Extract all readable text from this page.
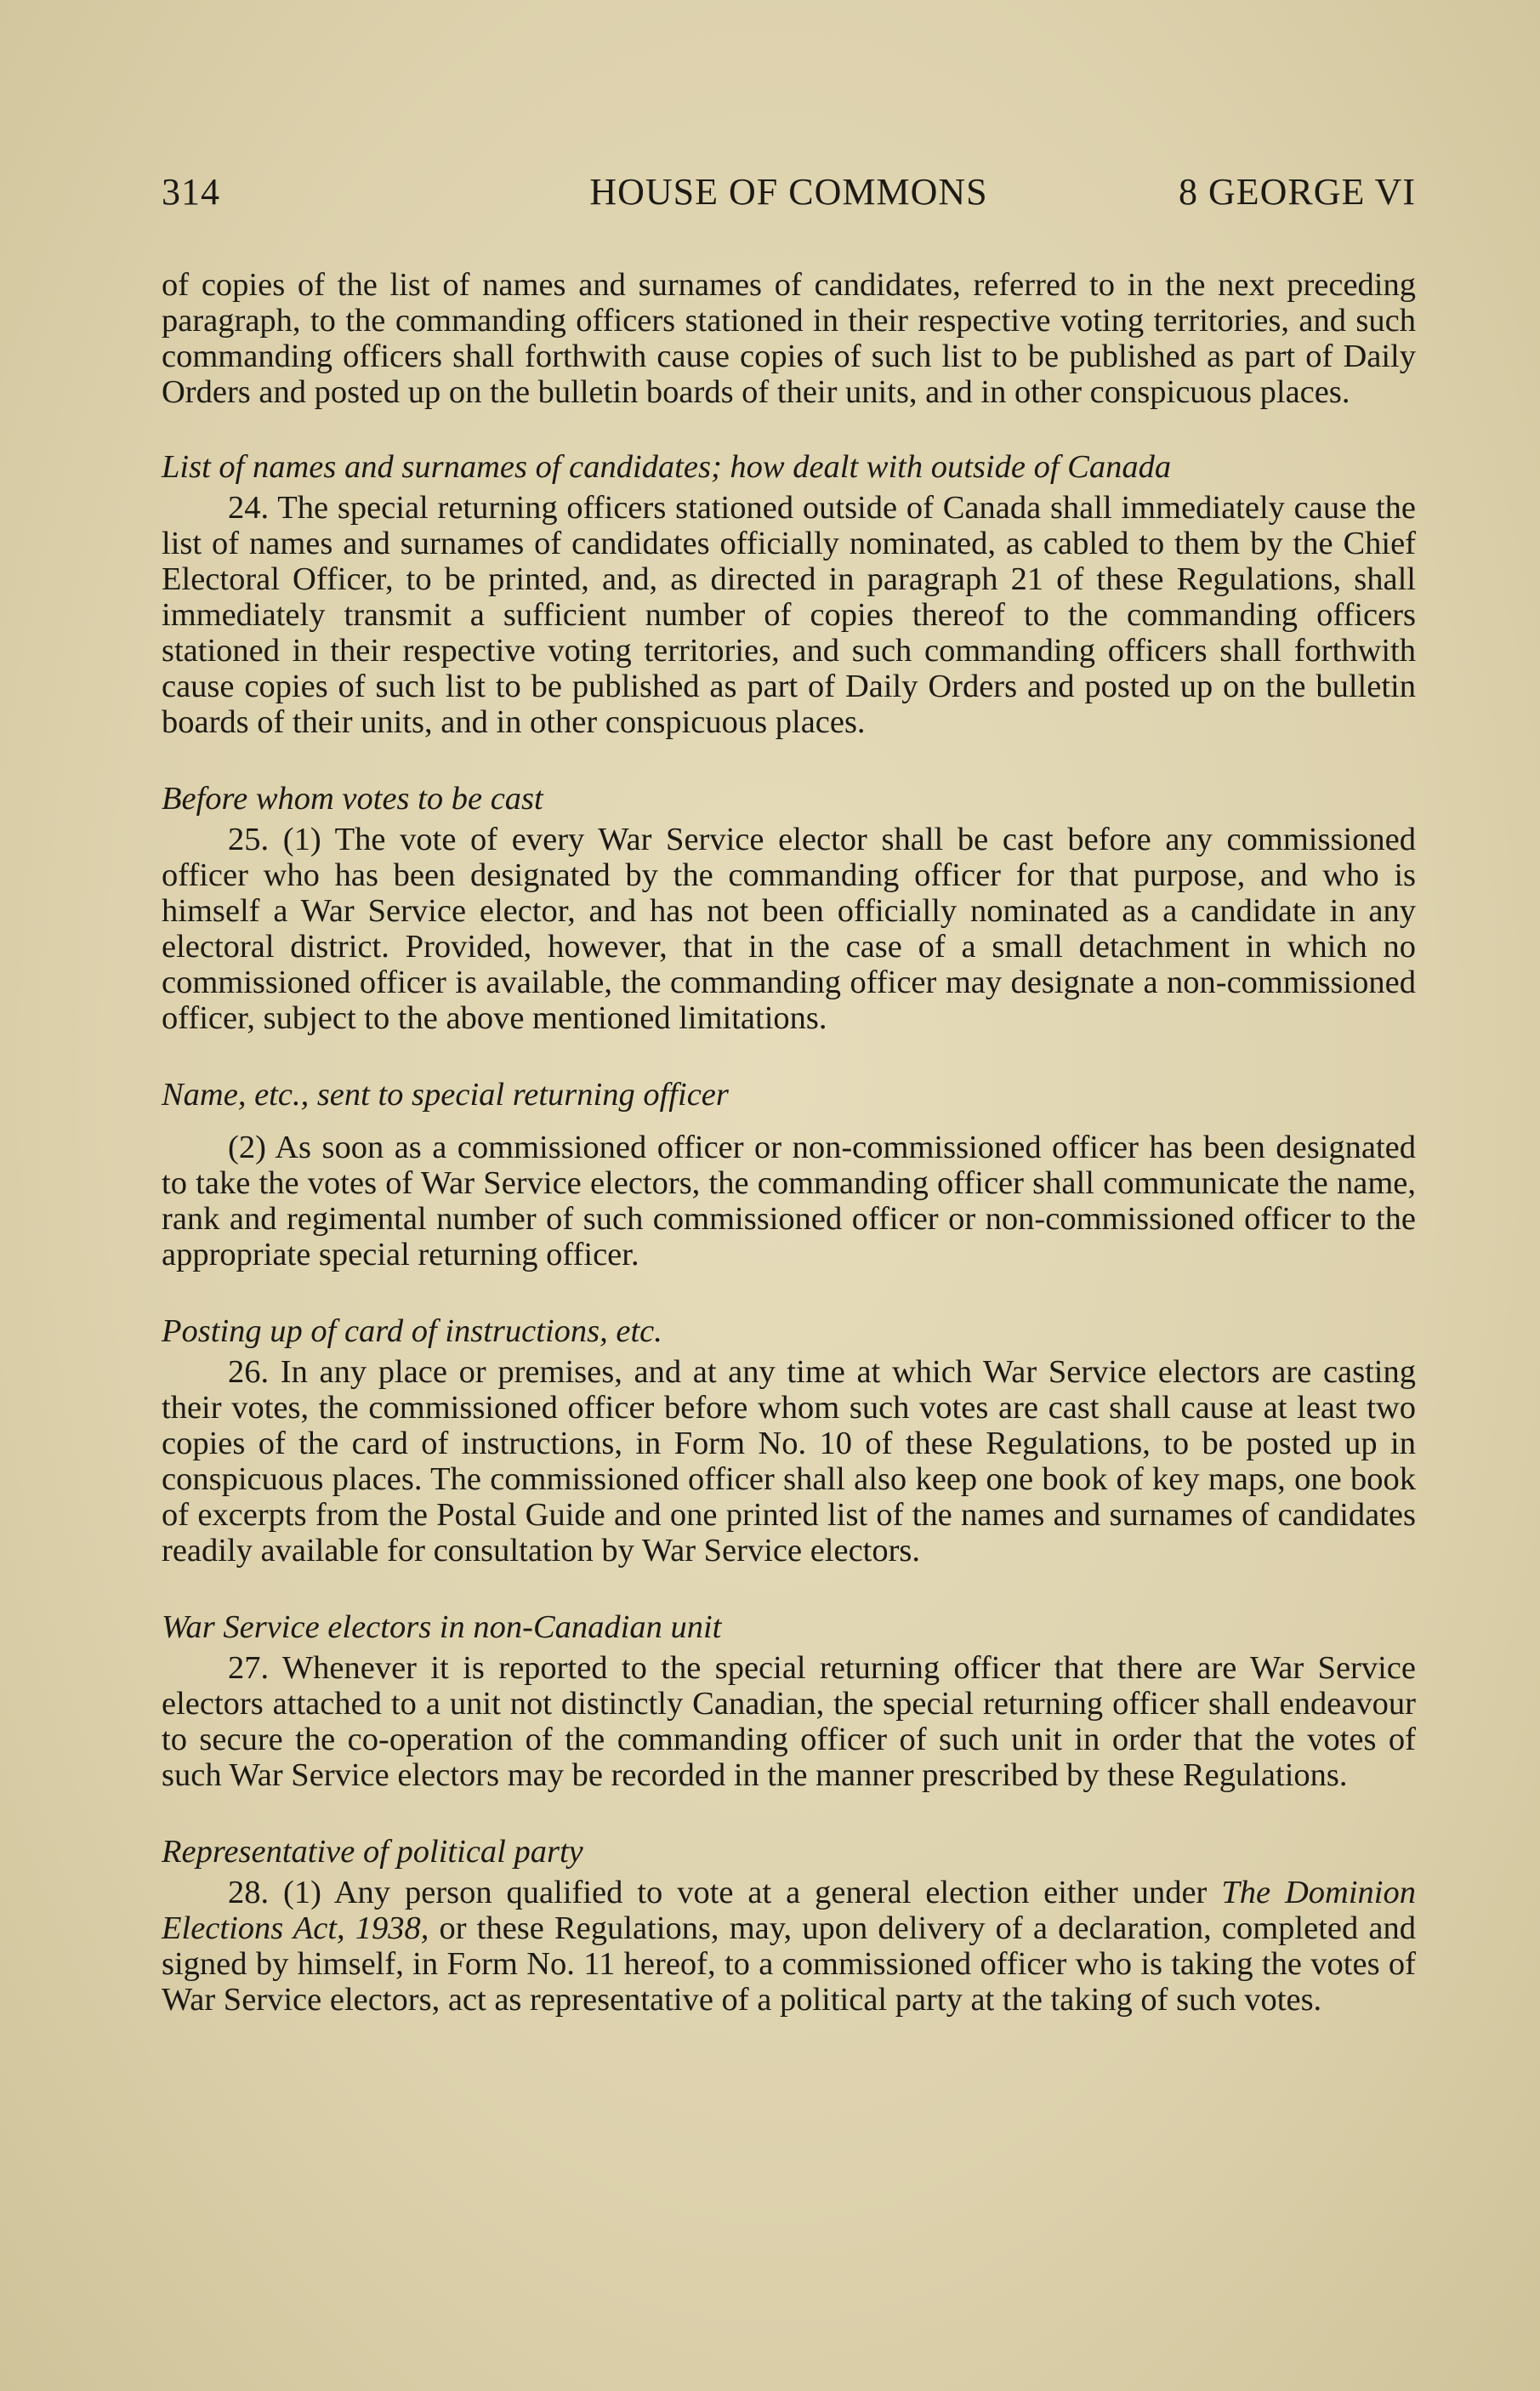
314	HOUSE OF COMMONS	8 GEORGE VI

of copies of the list of names and surnames of candidates, referred to in the next preceding paragraph, to the commanding officers stationed in their respective voting territories, and such commanding officers shall forthwith cause copies of such list to be published as part of Daily Orders and posted up on the bulletin boards of their units, and in other conspicuous places.

List of names and surnames of candidates; how dealt with outside of Canada

24. The special returning officers stationed outside of Canada shall immediately cause the list of names and surnames of candidates officially nominated, as cabled to them by the Chief Electoral Officer, to be printed, and, as directed in paragraph 21 of these Regulations, shall immediately transmit a sufficient number of copies thereof to the commanding officers stationed in their respective voting territories, and such commanding officers shall forthwith cause copies of such list to be published as part of Daily Orders and posted up on the bulletin boards of their units, and in other conspicuous places.

Before whom votes to be cast

25. (1) The vote of every War Service elector shall be cast before any commissioned officer who has been designated by the commanding officer for that purpose, and who is himself a War Service elector, and has not been officially nominated as a candidate in any electoral district. Provided, however, that in the case of a small detachment in which no commissioned officer is available, the commanding officer may designate a non-commissioned officer, subject to the above mentioned limitations.

Name, etc., sent to special returning officer

(2) As soon as a commissioned officer or non-commissioned officer has been designated to take the votes of War Service electors, the commanding officer shall communicate the name, rank and regimental number of such commissioned officer or non-commissioned officer to the appropriate special returning officer.

Posting up of card of instructions, etc.

26. In any place or premises, and at any time at which War Service electors are casting their votes, the commissioned officer before whom such votes are cast shall cause at least two copies of the card of instructions, in Form No. 10 of these Regulations, to be posted up in conspicuous places. The commissioned officer shall also keep one book of key maps, one book of excerpts from the Postal Guide and one printed list of the names and surnames of candidates readily available for consultation by War Service electors.

War Service electors in non-Canadian unit

27. Whenever it is reported to the special returning officer that there are War Service electors attached to a unit not distinctly Canadian, the special returning officer shall endeavour to secure the co-operation of the commanding officer of such unit in order that the votes of such War Service electors may be recorded in the manner prescribed by these Regulations.

Representative of political party

28. (1) Any person qualified to vote at a general election either under The Dominion Elections Act, 1938, or these Regulations, may, upon delivery of a declaration, completed and signed by himself, in Form No. 11 hereof, to a commissioned officer who is taking the votes of War Service electors, act as representative of a political party at the taking of such votes.
